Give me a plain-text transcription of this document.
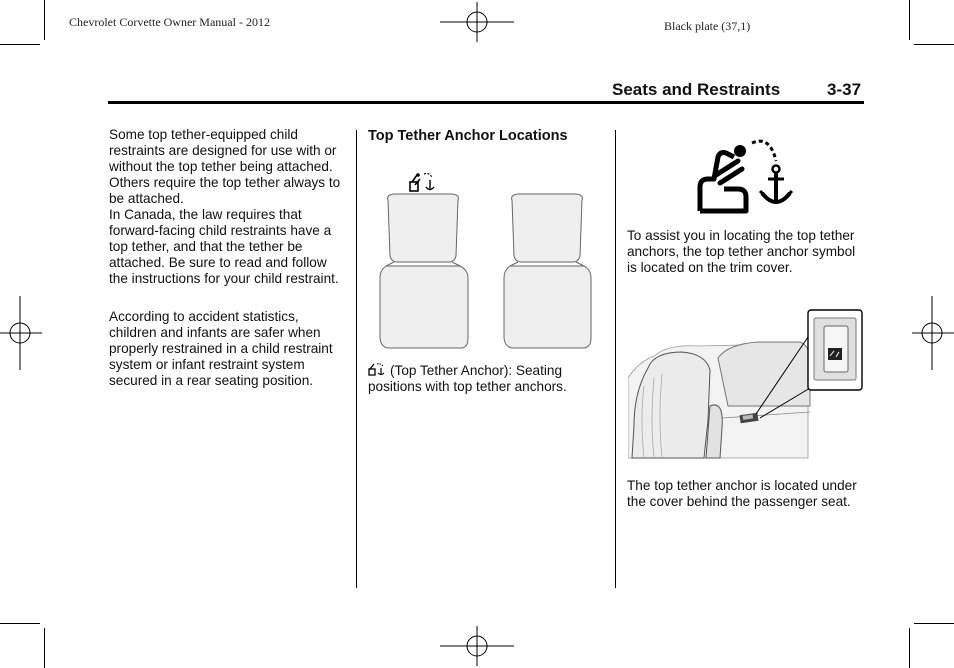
Chevrolet Corvette Owner Manual - 2012	Black plate (37,1)
Seats and Restraints	3-37

Some top tether-equipped child restraints are designed for use with or without the top tether being attached. Others require the top tether always to be attached.

In Canada, the law requires that forward-facing child restraints have a top tether, and that the tether be attached. Be sure to read and follow the instructions for your child restraint.

According to accident statistics, children and infants are safer when properly restrained in a child restraint system or infant restraint system secured in a rear seating position.

Top Tether Anchor Locations

(Top Tether Anchor): Seating positions with top tether anchors.

To assist you in locating the top tether anchors, the top tether anchor symbol is located on the trim cover.

The top tether anchor is located under the cover behind the passenger seat.
